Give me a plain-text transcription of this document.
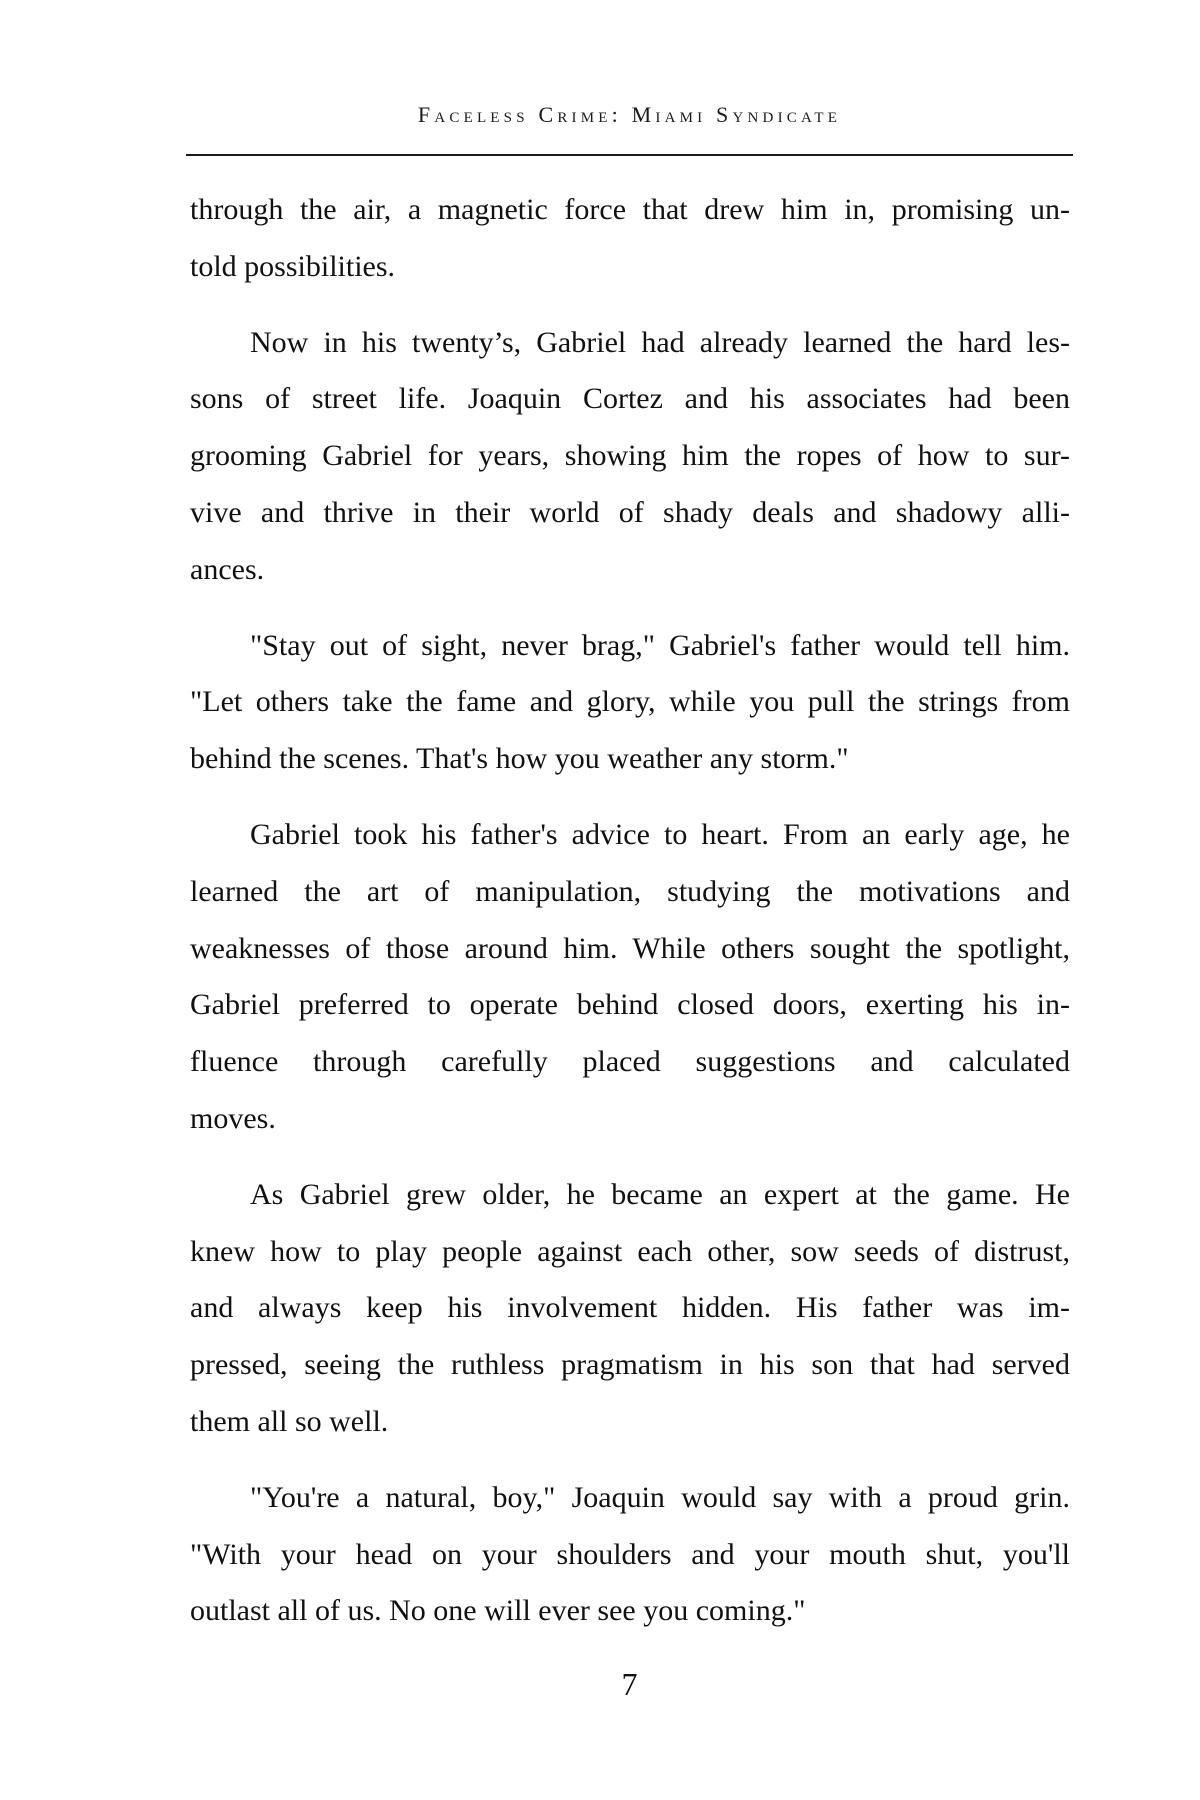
Faceless Crime: Miami Syndicate
through the air, a magnetic force that drew him in, promising un-
told possibilities.
Now in his twenty’s, Gabriel had already learned the hard les-
sons of street life. Joaquin Cortez and his associates had been
grooming Gabriel for years, showing him the ropes of how to sur-
vive and thrive in their world of shady deals and shadowy alli-
ances.
"Stay out of sight, never brag," Gabriel's father would tell him.
"Let others take the fame and glory, while you pull the strings from
behind the scenes. That's how you weather any storm."
Gabriel took his father's advice to heart. From an early age, he
learned the art of manipulation, studying the motivations and
weaknesses of those around him. While others sought the spotlight,
Gabriel preferred to operate behind closed doors, exerting his in-
fluence through carefully placed suggestions and calculated
moves.
As Gabriel grew older, he became an expert at the game. He
knew how to play people against each other, sow seeds of distrust,
and always keep his involvement hidden. His father was im-
pressed, seeing the ruthless pragmatism in his son that had served
them all so well.
"You're a natural, boy," Joaquin would say with a proud grin.
"With your head on your shoulders and your mouth shut, you'll
outlast all of us. No one will ever see you coming."
7
